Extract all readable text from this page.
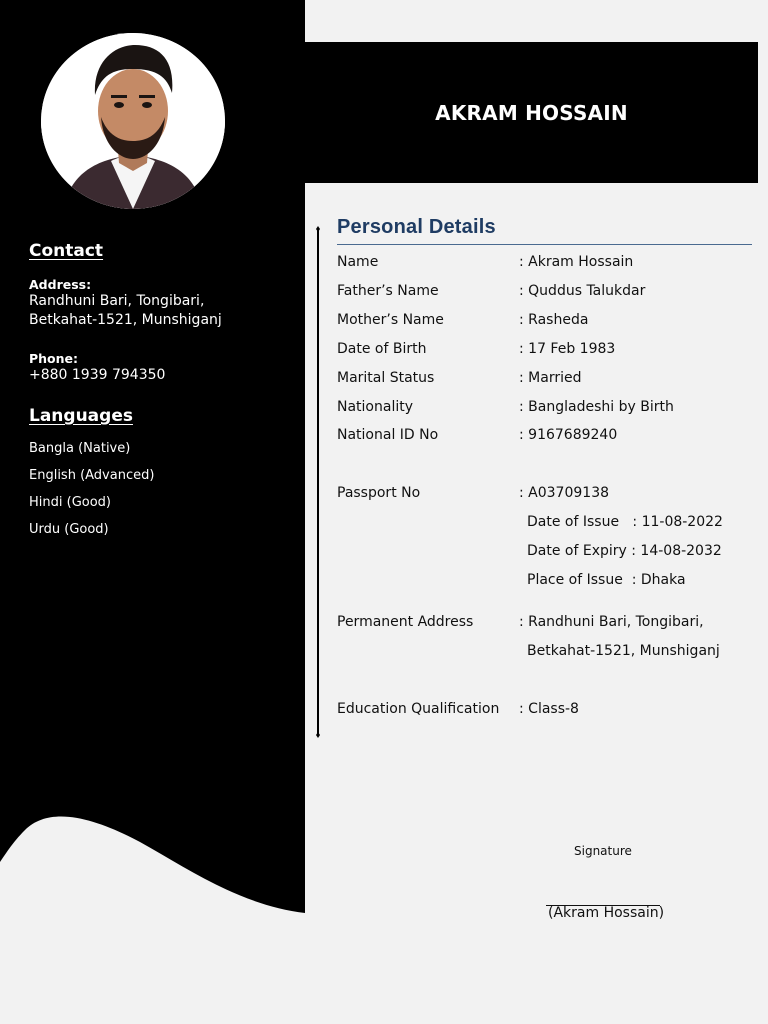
Contact
Address:
Randhuni Bari, Tongibari,
Betkahat-1521, Munshiganj
Phone:
+880 1939 794350
Languages
Bangla (Native)
English (Advanced)
Hindi (Good)
Urdu (Good)
AKRAM HOSSAIN
Personal Details
Name	: Akram Hossain
Father’s Name	: Quddus Talukdar
Mother’s Name	: Rasheda
Date of Birth	: 17 Feb 1983
Marital Status	: Married
Nationality	: Bangladeshi by Birth
National ID No	: 9167689240
Passport No	: A03709138
Date of Issue   : 11-08-2022
Date of Expiry : 14-08-2032
Place of Issue  : Dhaka
Permanent Address	: Randhuni Bari, Tongibari,
Betkahat-1521, Munshiganj
Education Qualification : Class-8
Signature
(Akram Hossain)
